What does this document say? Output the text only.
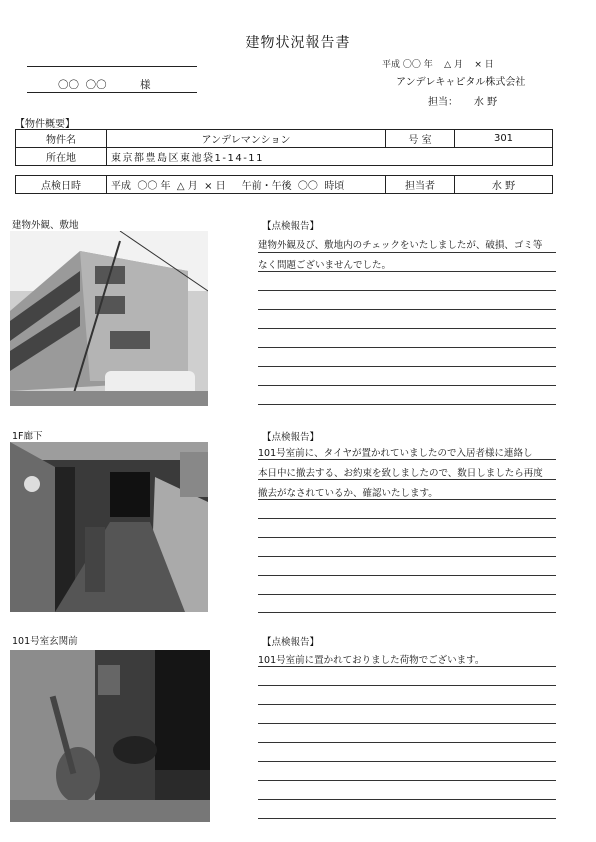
建物状況報告書
平成 〇〇 年    △ 月    × 日
〇〇  〇〇          様	アンデレキャピタル株式会社
担当：     水 野
【物件概要】
物件名	アンデレマンション	号 室	301
所在地	東京都豊島区東池袋1-14-11		
点検日時	平成  〇〇 年  △ 月  × 日     午前・午後  〇〇  時頃	担当者	水 野
建物外観、敷地	【点検報告】
建物外観及び、敷地内のチェックをいたしましたが、破損、ゴミ等
なく問題ございませんでした。
1F廊下	【点検報告】
101号室前に、タイヤが置かれていましたので入居者様に連絡し
本日中に撤去する、お約束を致しましたので、数日しましたら再度
撤去がなされているか、確認いたします。
101号室玄関前	【点検報告】
101号室前に置かれておりました荷物でございます。
